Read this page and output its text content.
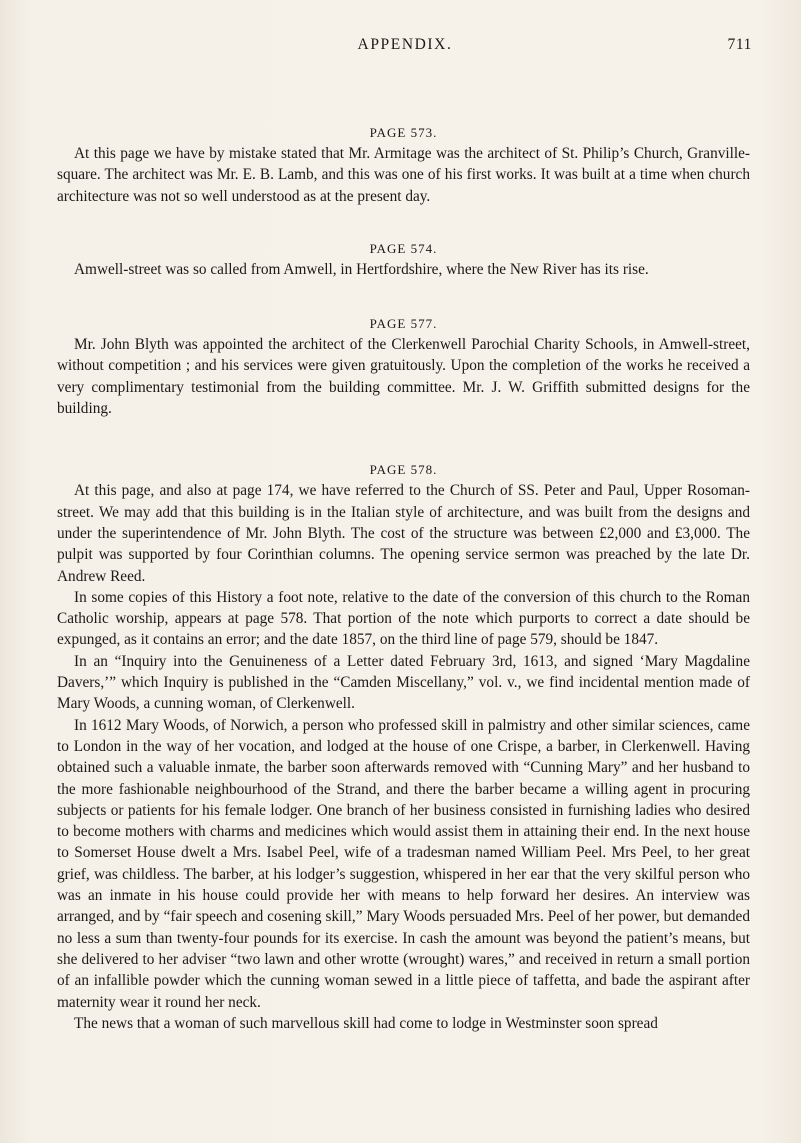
APPENDIX.	711
PAGE 573.

At this page we have by mistake stated that Mr. Armitage was the architect of St. Philip’s Church, Granville-square. The architect was Mr. E. B. Lamb, and this was one of his first works. It was built at a time when church architecture was not so well understood as at the present day.

PAGE 574.

Amwell-street was so called from Amwell, in Hertfordshire, where the New River has its rise.

PAGE 577.

Mr. John Blyth was appointed the architect of the Clerkenwell Parochial Charity Schools, in Amwell-street, without competition ; and his services were given gratuitously. Upon the completion of the works he received a very complimentary testimonial from the building committee. Mr. J. W. Griffith submitted designs for the building.

PAGE 578.

At this page, and also at page 174, we have referred to the Church of SS. Peter and Paul, Upper Rosoman-street. We may add that this building is in the Italian style of architecture, and was built from the designs and under the superintendence of Mr. John Blyth. The cost of the structure was between £2,000 and £3,000. The pulpit was supported by four Corinthian columns. The opening service sermon was preached by the late Dr. Andrew Reed.

In some copies of this History a foot note, relative to the date of the conversion of this church to the Roman Catholic worship, appears at page 578. That portion of the note which purports to correct a date should be expunged, as it contains an error; and the date 1857, on the third line of page 579, should be 1847.

In an “Inquiry into the Genuineness of a Letter dated February 3rd, 1613, and signed ‘Mary Magdaline Davers,’” which Inquiry is published in the “Camden Miscellany,” vol. v., we find incidental mention made of Mary Woods, a cunning woman, of Clerkenwell.

In 1612 Mary Woods, of Norwich, a person who professed skill in palmistry and other similar sciences, came to London in the way of her vocation, and lodged at the house of one Crispe, a barber, in Clerkenwell. Having obtained such a valuable inmate, the barber soon afterwards removed with “Cunning Mary” and her husband to the more fashionable neighbourhood of the Strand, and there the barber became a willing agent in procuring subjects or patients for his female lodger. One branch of her business consisted in furnishing ladies who desired to become mothers with charms and medicines which would assist them in attaining their end. In the next house to Somerset House dwelt a Mrs. Isabel Peel, wife of a tradesman named William Peel. Mrs Peel, to her great grief, was childless. The barber, at his lodger’s suggestion, whispered in her ear that the very skilful person who was an inmate in his house could provide her with means to help forward her desires. An interview was arranged, and by “fair speech and cosening skill,” Mary Woods persuaded Mrs. Peel of her power, but demanded no less a sum than twenty-four pounds for its exercise. In cash the amount was beyond the patient’s means, but she delivered to her adviser “two lawn and other wrotte (wrought) wares,” and received in return a small portion of an infallible powder which the cunning woman sewed in a little piece of taffetta, and bade the aspirant after maternity wear it round her neck.

The news that a woman of such marvellous skill had come to lodge in Westminster soon spread
